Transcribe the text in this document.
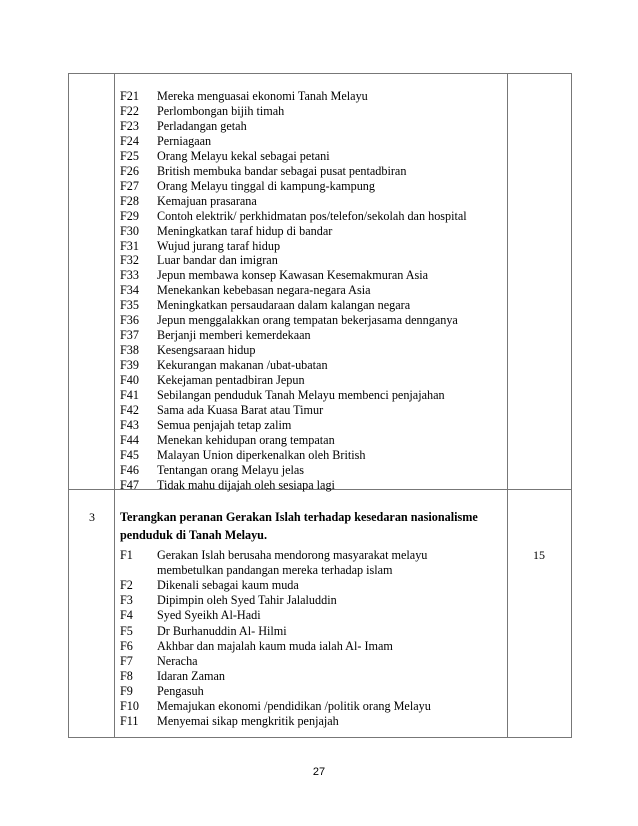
F21 Mereka menguasai ekonomi Tanah Melayu
F22 Perlombongan bijih timah
F23 Perladangan getah
F24 Perniagaan
F25 Orang Melayu kekal sebagai petani
F26 British membuka bandar sebagai pusat pentadbiran
F27 Orang Melayu tinggal di kampung-kampung
F28 Kemajuan prasarana
F29 Contoh elektrik/ perkhidmatan pos/telefon/sekolah dan hospital
F30 Meningkatkan taraf hidup di bandar
F31 Wujud jurang taraf hidup
F32 Luar bandar dan imigran
F33 Jepun membawa konsep Kawasan Kesemakmuran Asia
F34 Menekankan kebebasan negara-negara Asia
F35 Meningkatkan persaudaraan dalam kalangan negara
F36 Jepun menggalakkan orang tempatan bekerjasama dennganya
F37 Berjanji memberi kemerdekaan
F38 Kesengsaraan hidup
F39 Kekurangan makanan /ubat-ubatan
F40 Kekejaman pentadbiran Jepun
F41 Sebilangan penduduk Tanah Melayu membenci penjajahan
F42 Sama ada Kuasa Barat atau Timur
F43 Semua penjajah tetap zalim
F44 Menekan kehidupan orang tempatan
F45 Malayan Union diperkenalkan oleh British
F46 Tentangan orang Melayu jelas
F47 Tidak mahu dijajah oleh sesiapa lagi
3 Terangkan peranan Gerakan Islah terhadap kesedaran nasionalisme penduduk di Tanah Melayu.
15
F1 Gerakan Islah berusaha mendorong masyarakat melayu
membetulkan pandangan mereka terhadap islam
F2 Dikenali sebagai kaum muda
F3 Dipimpin oleh Syed Tahir Jalaluddin
F4 Syed Syeikh Al-Hadi
F5 Dr Burhanuddin Al- Hilmi
F6 Akhbar dan majalah kaum muda ialah Al- Imam
F7 Neracha
F8 Idaran Zaman
F9 Pengasuh
F10 Memajukan ekonomi /pendidikan /politik orang Melayu
F11 Menyemai sikap mengkritik penjajah
27
